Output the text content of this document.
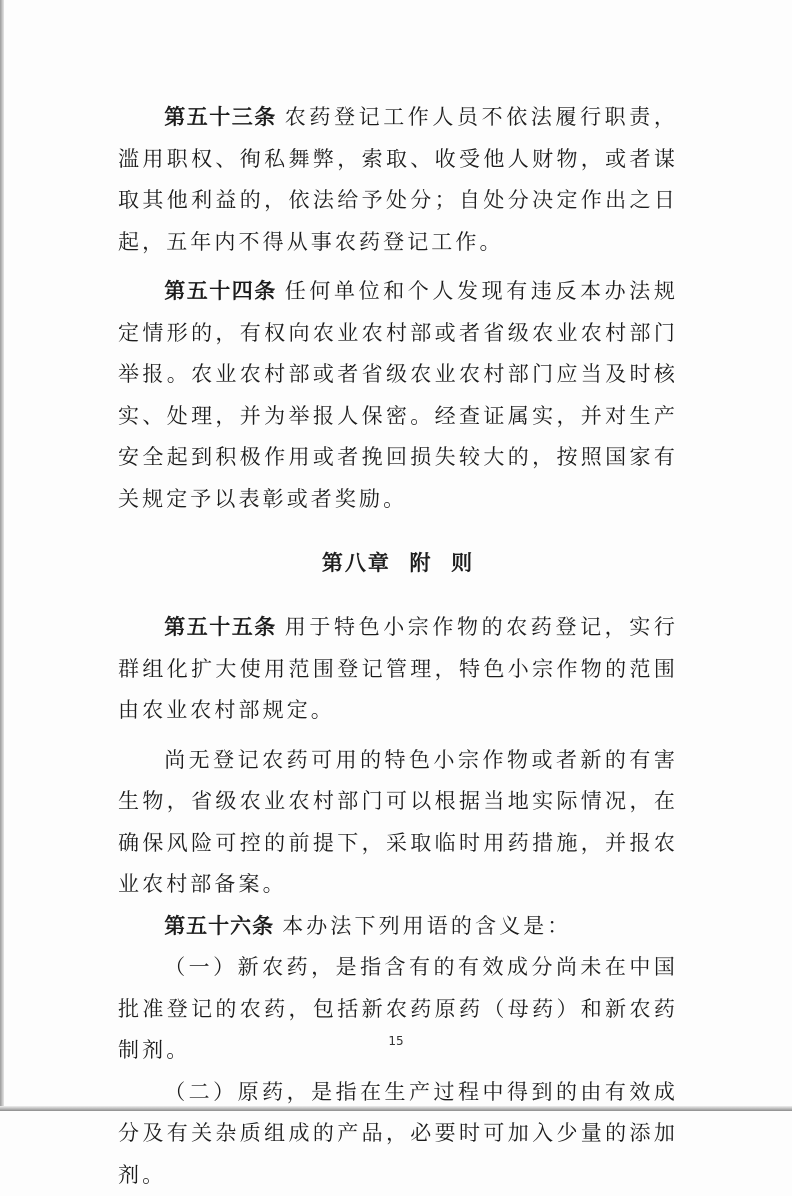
第五十三条 农药登记工作人员不依法履行职责，滥用职权、徇私舞弊，索取、收受他人财物，或者谋取其他利益的，依法给予处分；自处分决定作出之日起，五年内不得从事农药登记工作。

第五十四条 任何单位和个人发现有违反本办法规定情形的，有权向农业农村部或者省级农业农村部门举报。农业农村部或者省级农业农村部门应当及时核实、处理，并为举报人保密。经查证属实，并对生产安全起到积极作用或者挽回损失较大的，按照国家有关规定予以表彰或者奖励。

第八章  附  则

第五十五条 用于特色小宗作物的农药登记，实行群组化扩大使用范围登记管理，特色小宗作物的范围由农业农村部规定。

尚无登记农药可用的特色小宗作物或者新的有害生物，省级农业农村部门可以根据当地实际情况，在确保风险可控的前提下，采取临时用药措施，并报农业农村部备案。

第五十六条 本办法下列用语的含义是：

（一）新农药，是指含有的有效成分尚未在中国批准登记的农药，包括新农药原药（母药）和新农药制剂。

（二）原药，是指在生产过程中得到的由有效成分及有关杂质组成的产品，必要时可加入少量的添加剂。

15
